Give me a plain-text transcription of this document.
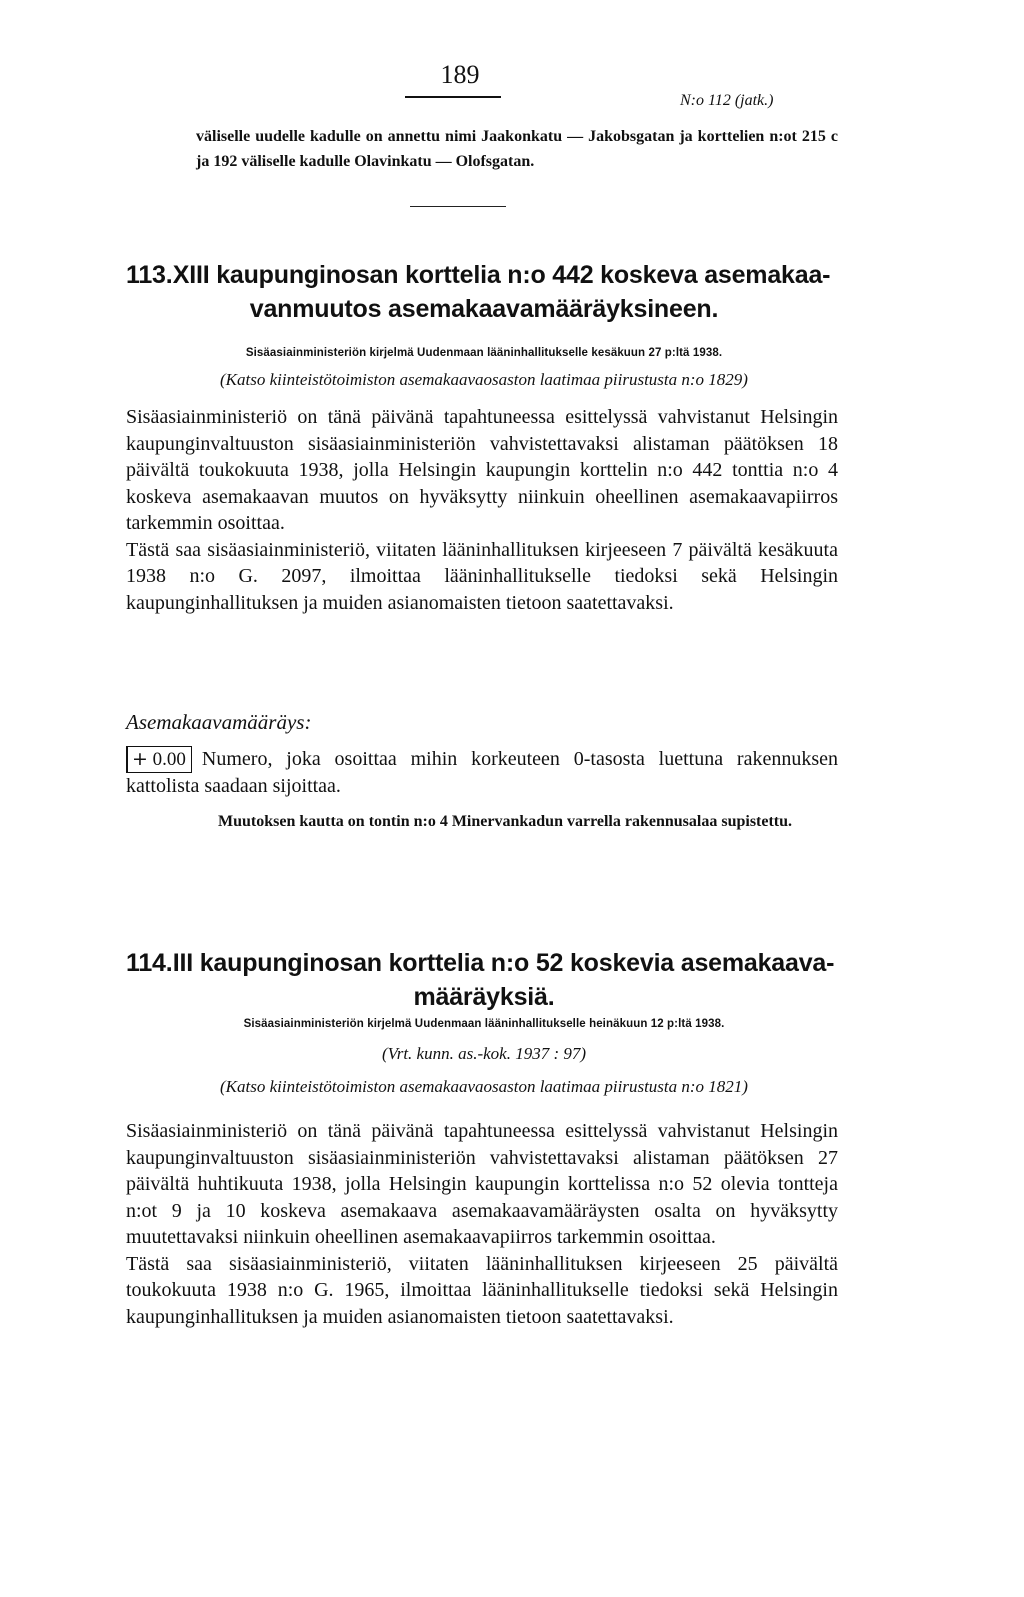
189
N:o 112 (jatk.)
väliselle uudelle kadulle on annettu nimi Jaakonkatu — Jakobsgatan ja korttelien n:ot 215 c ja 192 väliselle kadulle Olavinkatu — Olofsgatan.
113. XIII kaupunginosan korttelia n:o 442 koskeva asemakaa-
vanmuutos asemakaavamääräyksineen.
Sisäasiainministeriön kirjelmä Uudenmaan lääninhallitukselle kesäkuun 27 p:ltä 1938.
(Katso kiinteistötoimiston asemakaavaosaston laatimaa piirustusta n:o 1829)

Sisäasiainministeriö on tänä päivänä tapahtuneessa esittelyssä vahvistanut Helsingin kaupunginvaltuuston sisäasiainministeriön vahvistettavaksi alistaman päätöksen 18 päivältä toukokuuta 1938, jolla Helsingin kaupungin korttelin n:o 442 tonttia n:o 4 koskeva asemakaavan muutos on hyväksytty niinkuin oheellinen asemakaavapiirros tarkemmin osoittaa.

Tästä saa sisäasiainministeriö, viitaten lääninhallituksen kirjeeseen 7 päivältä kesäkuuta 1938 n:o G. 2097, ilmoittaa lääninhallitukselle tiedoksi sekä Helsingin kaupunginhallituksen ja muiden asianomaisten tietoon saatettavaksi.

Asemakaavamääräys:
+ 0.00 Numero, joka osoittaa mihin korkeuteen 0-tasosta luettuna rakennuksen kattolista saadaan sijoittaa.
Muutoksen kautta on tontin n:o 4 Minervankadun varrella rakennusalaa supistettu.
114. III kaupunginosan korttelia n:o 52 koskevia asemakaava-
määräyksiä.
Sisäasiainministeriön kirjelmä Uudenmaan lääninhallitukselle heinäkuun 12 p:ltä 1938.
(Vrt. kunn. as.-kok. 1937 : 97)
(Katso kiinteistötoimiston asemakaavaosaston laatimaa piirustusta n:o 1821)

Sisäasiainministeriö on tänä päivänä tapahtuneessa esittelyssä vahvistanut Helsingin kaupunginvaltuuston sisäasiainministeriön vahvistettavaksi alistaman päätöksen 27 päivältä huhtikuuta 1938, jolla Helsingin kaupungin korttelissa n:o 52 olevia tontteja n:ot 9 ja 10 koskeva asemakaava asemakaavamääräysten osalta on hyväksytty muutettavaksi niinkuin oheellinen asemakaavapiirros tarkemmin osoittaa.

Tästä saa sisäasiainministeriö, viitaten lääninhallituksen kirjeeseen 25 päivältä toukokuuta 1938 n:o G. 1965, ilmoittaa lääninhallitukselle tiedoksi sekä Helsingin kaupunginhallituksen ja muiden asianomaisten tietoon saatettavaksi.
